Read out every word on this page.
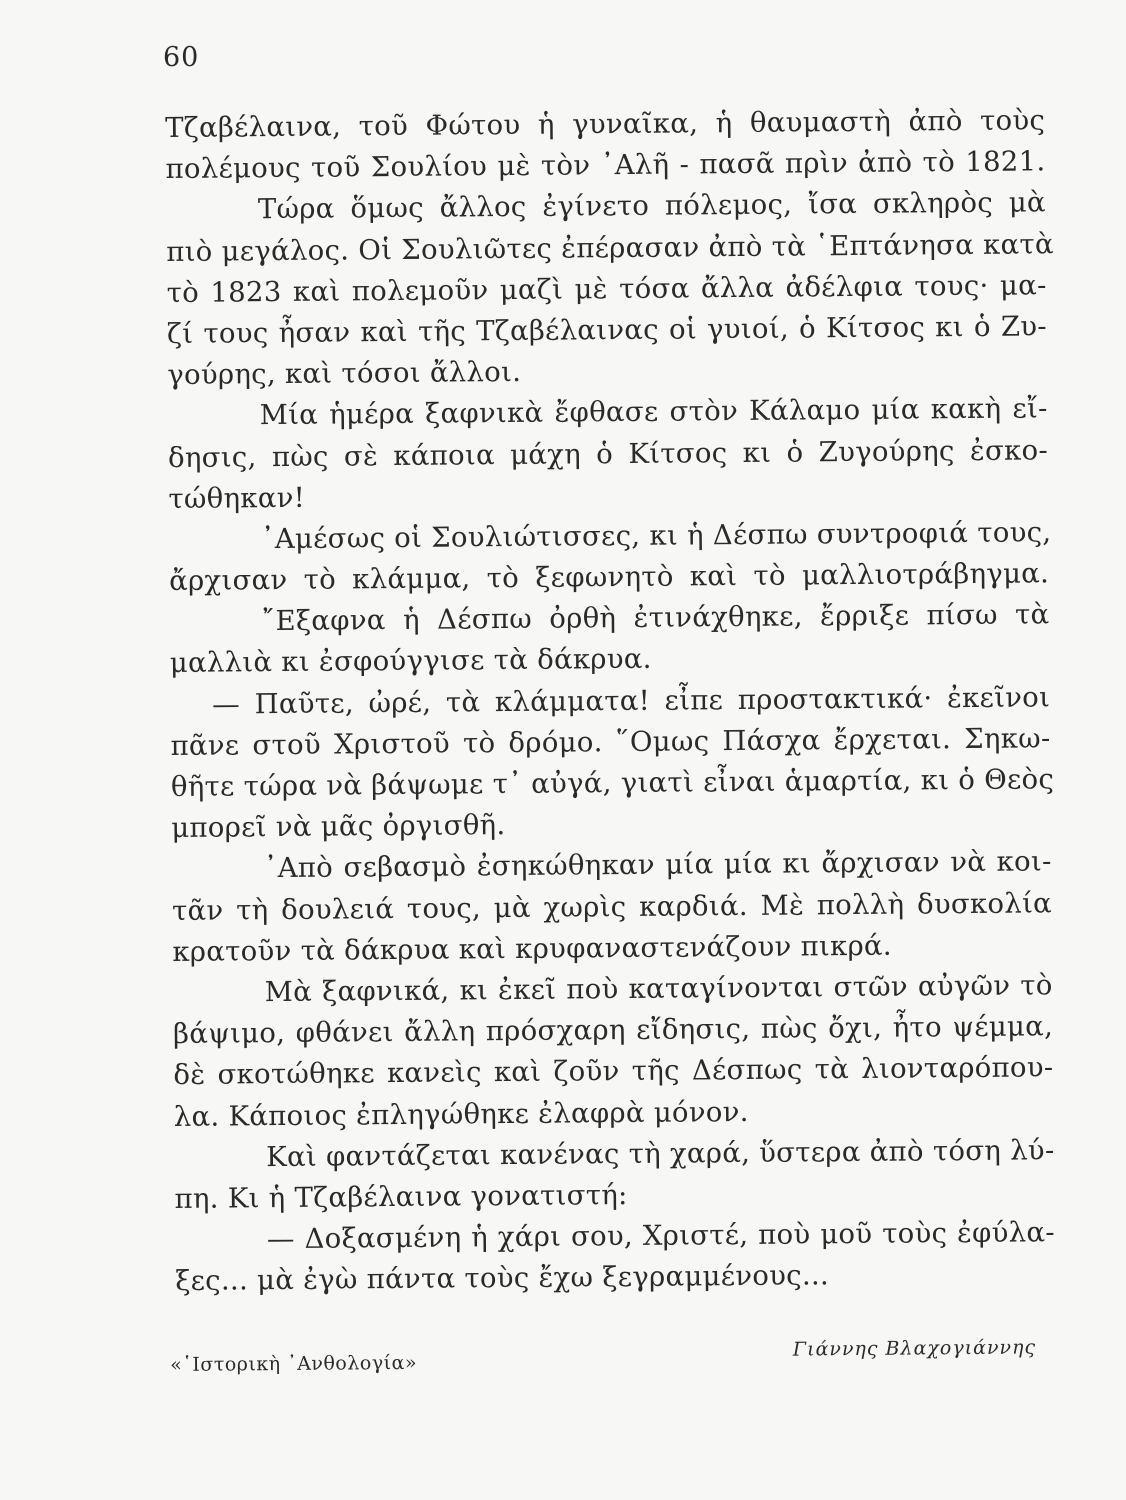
60
Τζαβέλαινα, τοῦ Φώτου ἡ γυναῖκα, ἡ θαυμαστὴ ἀπὸ τοὺς
πολέμους τοῦ Σουλίου μὲ τὸν ᾿Αλῆ - πασᾶ πρὶν ἀπὸ τὸ 1821.
Τώρα ὅμως ἄλλος ἐγίνετο πόλεμος, ἴσα σκληρὸς μὰ
πιὸ μεγάλος. Οἱ Σουλιῶτες ἐπέρασαν ἀπὸ τὰ ῾Επτάνησα κατὰ
τὸ 1823 καὶ πολεμοῦν μαζὶ μὲ τόσα ἄλλα ἀδέλφια τους· μα-
ζί τους ἦσαν καὶ τῆς Τζαβέλαινας οἱ γυιοί, ὁ Κίτσος κι ὁ Ζυ-
γούρης, καὶ τόσοι ἄλλοι.
Μία ἡμέρα ξαφνικὰ ἔφθασε στὸν Κάλαμο μία κακὴ εἴ-
δησις, πὼς σὲ κάποια μάχη ὁ Κίτσος κι ὁ Ζυγούρης ἐσκο-
τώθηκαν!
᾿Αμέσως οἱ Σουλιώτισσες, κι ἡ Δέσπω συντροφιά τους,
ἄρχισαν τὸ κλάμμα, τὸ ξεφωνητὸ καὶ τὸ μαλλιοτράβηγμα.
῎Εξαφνα ἡ Δέσπω ὀρθὴ ἐτινάχθηκε, ἔρριξε πίσω τὰ
μαλλιὰ κι ἐσφούγγισε τὰ δάκρυα.
— Παῦτε, ὠρέ, τὰ κλάμματα! εἶπε προστακτικά· ἐκεῖνοι
πᾶνε στοῦ Χριστοῦ τὸ δρόμο. ῞Ομως Πάσχα ἔρχεται. Σηκω-
θῆτε τώρα νὰ βάψωμε τ᾿ αὐγά, γιατὶ εἶναι ἁμαρτία, κι ὁ Θεὸς
μπορεῖ νὰ μᾶς ὀργισθῆ.
᾿Απὸ σεβασμὸ ἐσηκώθηκαν μία μία κι ἄρχισαν νὰ κοι-
τᾶν τὴ δουλειά τους, μὰ χωρὶς καρδιά. Μὲ πολλὴ δυσκολία
κρατοῦν τὰ δάκρυα καὶ κρυφαναστενάζουν πικρά.
Μὰ ξαφνικά, κι ἐκεῖ ποὺ καταγίνονται στῶν αὐγῶν τὸ
βάψιμο, φθάνει ἄλλη πρόσχαρη εἴδησις, πὼς ὄχι, ἦτο ψέμμα,
δὲ σκοτώθηκε κανεὶς καὶ ζοῦν τῆς Δέσπως τὰ λιονταρόπου-
λα. Κάποιος ἐπληγώθηκε ἐλαφρὰ μόνον.
Καὶ φαντάζεται κανένας τὴ χαρά, ὕστερα ἀπὸ τόση λύ-
πη. Κι ἡ Τζαβέλαινα γονατιστή:
— Δοξασμένη ἡ χάρι σου, Χριστέ, ποὺ μοῦ τοὺς ἐφύλα-
ξες... μὰ ἐγὼ πάντα τοὺς ἔχω ξεγραμμένους...
«῾Ιστορικὴ ᾿Ανθολογία»
Γιάννης Βλαχογιάννης
